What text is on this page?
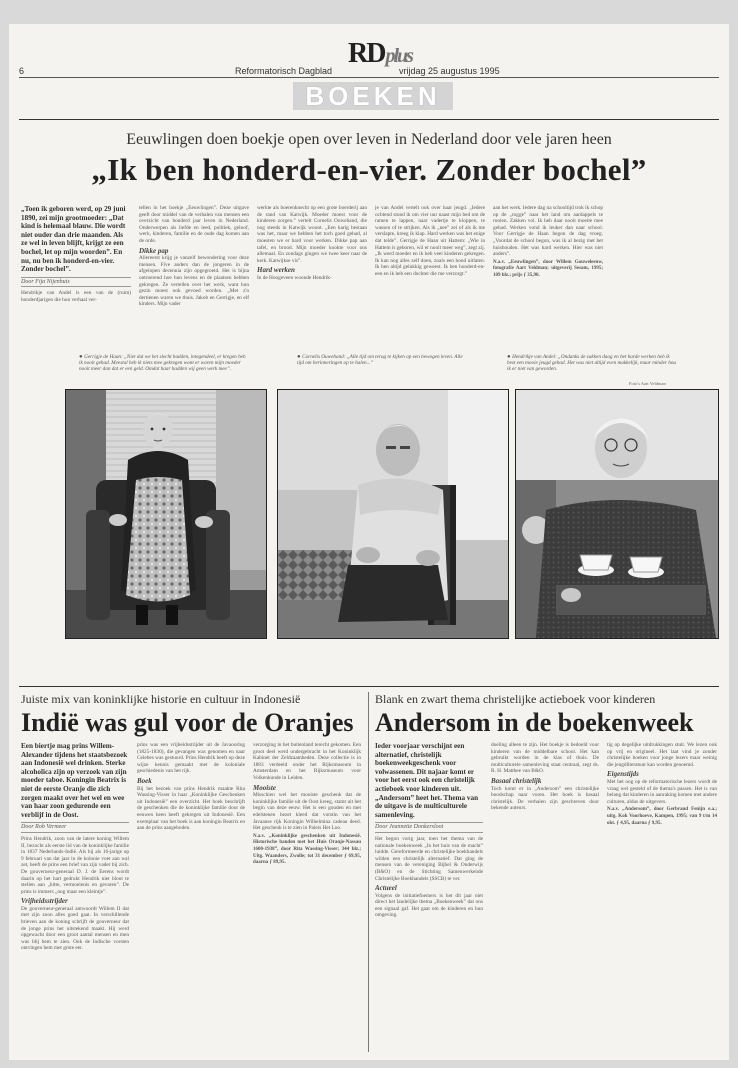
RDplus
6	Reformatorisch Dagblad	vrijdag 25 augustus 1995
BOEKEN
Eeuwlingen doen boekje open over leven in Nederland door vele jaren heen
„Ik ben honderd-en-vier. Zonder bochel”

„Toen ik geboren werd, op 29 juni 1890, zei mijn grootmoeder: „Dat kind is helemaal blauw. Die wordt niet ouder dan drie maanden. Als ze wel in leven blijft, krijgt ze een bochel, let op mijn woorden”. En nu, nu ben ik honderd-en-vier. Zonder bochel”.

Door Fija Nijenhuis

Hendrikje van Andel is een van de (ruim) honderdjarigen die hun verhaal ver-

tellen in het boekje „Eeuwlingen”. Deze uitgave geeft door middel van de verhalen van mensen een overzicht van honderd jaar leven in Nederland. Onderwerpen als liefde en leed, politiek, geloof, werk, kinderen, familie en de oude dag komen aan de orde.

Dikke pap

Allereerst krijg je vanzelf bewondering voor deze mensen. Five anders dan de jongeren in de afgelopen decennia zijn opgegroeid. Het is bijna ontroerend hoe hun levens en de plaatsen hebben gekregen. Ze vertellen over het werk, want hun gezin moest ook gevoed worden. „Met z'n dertienen waren we thuis. Jakob en Gerrigje, en elf kinders. Mijn vader

werkte als boerenknecht op een grote boerderij aan de rand van Katwijk. Moeder moest voor de kinderen zorgen.” vertelt Cornelis Ouwehand, die nog steeds in Katwijk woont. „Een karig bestaan was het, maar we hebben het toch goed gehad, al moesten we er hard voor werken. Dikke pap aan tafel, en brood. Mijn moeder kookte voor ons allemaal. En zondags gingen we twee keer naar de kerk. Katwijkse vis”.

Hard werken

In de Hoogeveen woonde Hendrik-

je van Andel vertelt ook over haar jeugd. „Iedere ochtend stond ik om vier uur naast mijn bed om de ramen te lappen, naar vadertje te kloppen, te wassen of te strijken. Als ik „nee” zei of als ik me verslapte, kreeg ik klap. Hard werken was het enige dat telde”. Gerrigje de Haan uit Hattem: „Wie in Hattem is geboren, wil er nooit meer weg”, zegt zij. „Ik werd moeder en ik heb veel kinderen gekregen. Ik kan nog alles zelf doen, zoals een hond uitlaten. Ik ben altijd gelukkig geweest. Ik ben honderd-en-een en ik heb een dochter die me verzorgt.”

aan het werk. Iedere dag na schooltijd trok ik schop op de „rogge” naar het land om aardappels te rooien. Zakken vol. Ik heb daar nooit moeite mee gehad. Werken vond ik leuker dan naar school. Voor Gerrigje de Haan begon de dag vroeg. „Voordat de school begon, was ik al bezig met het huishouden. Het was hard werken. Hier was niet anders”.

N.a.v. „Eeuwlingen”, door Willem Gouweleeuw, fotografie Aart Veldman; uitgeverij Sesam, 1995; 109 blz.; prijs ƒ 35,90.

● Gerrigje de Haan: „Niet dat we het slecht hadden, integendeel, er kregen heb ik nooit gehad. Meestal heb ik niets mee gekregen want er waren mijn moeder nooit meer dan dat er een geld. Omdat haar hadden wij geen werk mee”.
● Cornelis Ouwehand: „Alle tijd om terug te kijken op een bewogen leven. Alle tijd om herinneringen op te halen...”
● Hendrikje van Andel: „Ondanks de zakken daag en het harde werken heb ik best een mooie jeugd gehad. Het was niet altijd even makkelijk, maar minder hou ik er niet van geworden.
Foto's Aart Veldman
Juiste mix van koninklijke historie en cultuur in Indonesië
Indië was gul voor de Oranjes

Een biertje mag prins Willem-Alexander tijdens het staatsbezoek aan Indonesië wel drinken. Sterke alcoholica zijn op verzoek van zijn moeder taboe. Koningin Beatrix is niet de eerste Oranje die zich zorgen maakt over het wel en wee van haar zoon gedurende een verblijf in de Oost.

Door Rob Vermeer

Prins Hendrik, zoon van de latere koning Willem II, bezocht als eerste lid van de koninklijke familie in 1837 Nederlands-Indië. Als hij als 16-jarige op 9 februari van dat jaar in de kolonie voet aan wal zet, heeft de prins een brief van zijn vader bij zich. De gouverneur-generaal D. J. de Eerens wordt daarin op het hart gedrukt Hendrik niet bloot te stellen aan „hitte, vermoeienis en gevaren”. De prins is immers „nog maar een kleintje”.

Vrijheidsstrijder

De gouverneur-generaal antwoordt Willem II dat met zijn zoon alles goed gaat. In verschillende brieven aan de koning schrijft de gouverneur dat de jonge prins het uitstekend maakt. Hij werd opgewacht door een groot aantal mensen en men was blij hem te zien. Ook de Indische vorsten ontvingen hem met grote eer.

prins was een vrijheidsstrijder uit de Javaoorlog (1825-1830), die gevangen was genomen en naar Celebes was gestuurd. Prins Hendrik heeft op deze wijze kennis gemaakt met de koloniale geschiedenis van het rijk.

Boek

Bij het bezoek van prins Hendrik maakte Rita Wassing-Visser in haar „Koninklijke Geschenken uit Indonesië” een overzicht. Het boek beschrijft de geschenken die de koninklijke familie door de eeuwen heen heeft gekregen uit Indonesië. Een exemplaar van het boek is aan koningin Beatrix en aan de prins aangeboden.

verzorging in het buitenland terecht gekomen. Een groot deel werd ondergebracht in het Koninklijk Kabinet der Zeldzaamheden. Deze collectie is in 1883 verdeeld onder het Rijksmuseum in Amsterdam en het Rijksmuseum voor Volkenkunde in Leiden.

Mooiste

Misschien wel het mooiste geschenk dat de koninklijke familie uit de Oost kreeg, stamt uit het begin van deze eeuw. Het is een gouden en met edelstenen bezet kleed dat vorstin van het Javaanse rijk Koningin Wilhelmina cadeau deed. Het geschenk is te zien in Paleis Het Loo.

N.a.v. „Koninklijke geschenken uit Indonesië. Historische banden met het Huis Oranje-Nassau 1600-1938”, door Rita Wassing-Visser; 344 blz.; Uitg. Waanders, Zwolle; tot 31 december ƒ 69,95, daarna ƒ 89,95.

Blank en zwart thema christelijke actieboek voor kinderen
Andersom in de boekenweek

Ieder voorjaar verschijnt een alternatief, christelijk boekenweekgeschenk voor volwassenen. Dit najaar komt er voor het eerst ook een christelijk actieboek voor kinderen uit. „Andersom” heet het. Thema van de uitgave is de multiculturele samenleving.

Door Jeannette Donkersloot

Het begon vorig jaar, toen het thema van de nationale boekenweek „In het huis van de macht” luidde. Gereformeerde en christelijke boekhandels wilden een christelijk alternatief. Dat ging de mensen van de vereniging Bijbel & Onderwijs (B&O) en de Stichting Samenwerkende Christelijke Boekhandels (SSCB) te ver.

Actueel

Volgens de initiatiefnemers is het dit jaar niet direct het landelijke thema „Boekenweek” dat ons een signaal gaf. Het gaat om de kinderen en hun omgeving.

doeling alleen te zijn. Het boekje is bedoeld voor kinderen van de middelbare school. Het kan gebruikt worden in de klas of thuis. De multiculturele samenleving staat centraal, zegt ds. R. H. Matthee van B&O.

Basaal christelijk

Toch komt er in „Andersom” een christelijke boodschap naar voren. Het boek is basaal christelijk. De verhalen zijn geschreven door bekende auteurs.

tig op degelijke uitdrukkingen stuit. We lezen ook op vrij en origineel. Het laat vind je zonder christelijke boeken voor jonge lezers maar weinig die jeugdliteratuur kan worden genoemd.

Eigenstijds

Met het oog op de reformatorische lezers wordt de vraag wel gesteld of de thema's passen. Het is van belang dat kinderen in aanraking komen met andere culturen, aldus de uitgevers.

N.a.v. „Andersom”, door Gerbrand Fenijn e.a.; uitg. Kok Voorhoeve, Kampen, 1995; van 9 t/m 14 okt. ƒ 4,95, daarna ƒ 9,95.
